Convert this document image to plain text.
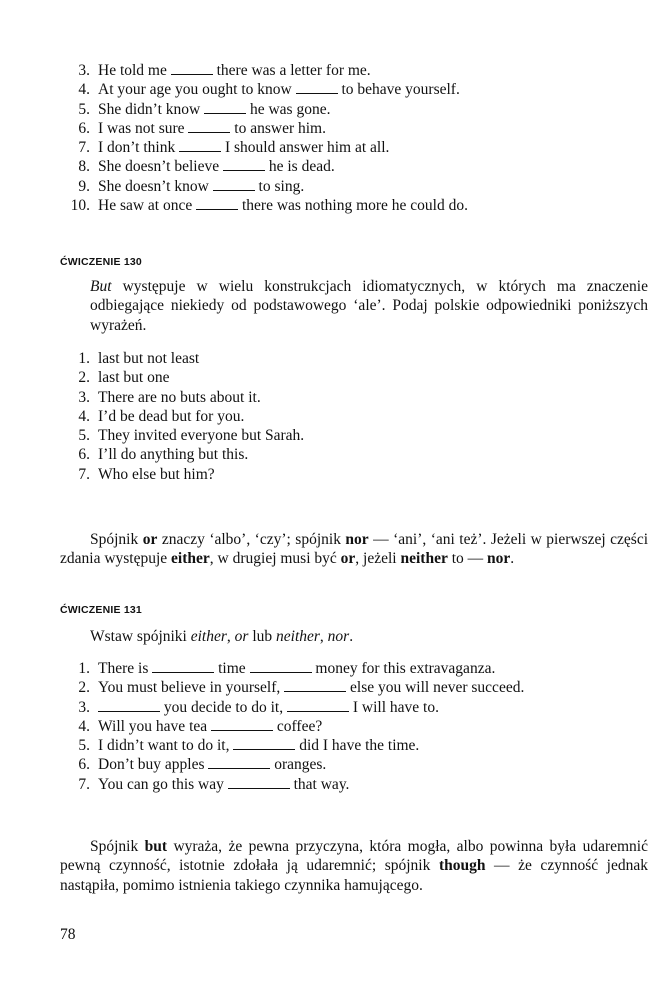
3. He told me	there was a letter for me.
4. At your age you ought to know	to behave yourself.
5. She didn’t know	he was gone.
6. I was not sure	to answer him.
7. I don’t think	I should answer him at all.
8. She doesn’t believe	he is dead.
9. She doesn’t know	to sing.
10. He saw at once	there was nothing more he could do.
ĆWICZENIE 130

But występuje w wielu konstrukcjach idiomatycznych, w których ma znaczenie odbiegające niekiedy od podstawowego ‘ale’. Podaj polskie odpowiedniki poniższych wyrażeń.

1. last but not least
2. last but one
3. There are no buts about it.
4. I’d be dead but for you.
5. They invited everyone but Sarah.
6. I’ll do anything but this.
7. Who else but him?

Spójnik or znaczy ‘albo’, ‘czy’; spójnik nor — ‘ani’, ‘ani też’. Jeżeli w pierwszej części zdania występuje either, w drugiej musi być or, jeżeli neither to — nor.

ĆWICZENIE 131

Wstaw spójniki either, or lub neither, nor.

1. There is	time	money for this extravaganza.
2. You must believe in yourself,	else you will never succeed.
3.	you decide to do it,	I will have to.
4. Will you have tea	coffee?
5. I didn’t want to do it,	did I have the time.
6. Don’t buy apples	oranges.
7. You can go this way	that way.

Spójnik but wyraża, że pewna przyczyna, która mogła, albo powinna była udaremnić pewną czynność, istotnie zdołała ją udaremnić; spójnik though — że czynność jednak nastąpiła, pomimo istnienia takiego czynnika hamującego.

78
